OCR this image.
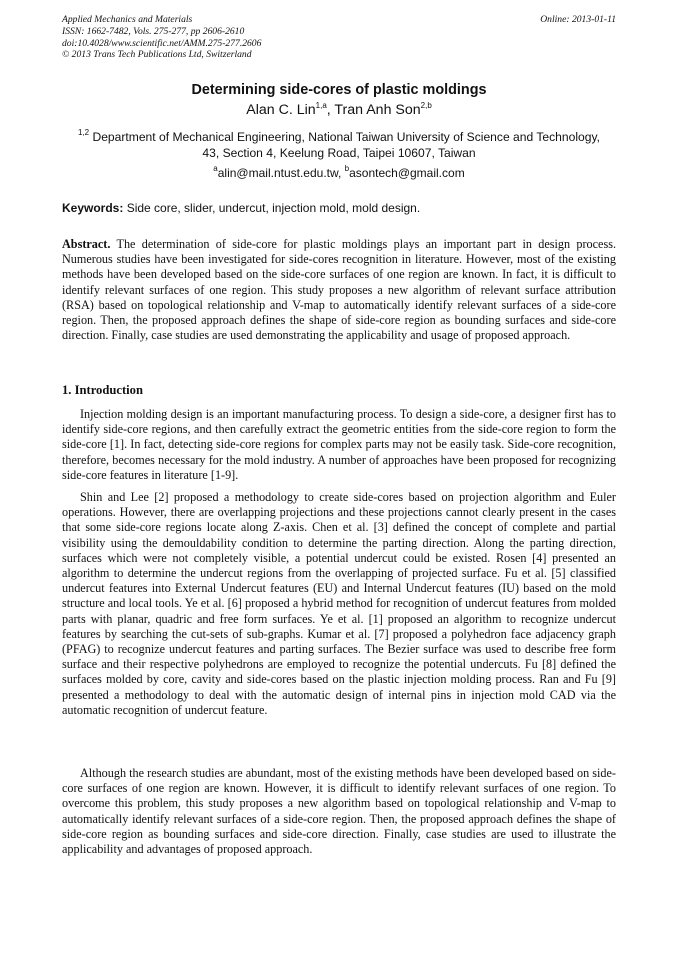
Applied Mechanics and Materials
ISSN: 1662-7482, Vols. 275-277, pp 2606-2610
doi:10.4028/www.scientific.net/AMM.275-277.2606
© 2013 Trans Tech Publications Ltd, Switzerland
Online: 2013-01-11
Determining side-cores of plastic moldings
Alan C. Lin$^{1,a}$, Tran Anh Son$^{2,b}$
$^{1,2}$ Department of Mechanical Engineering, National Taiwan University of Science and Technology,
43, Section 4, Keelung Road, Taipei 10607, Taiwan
$^a$alin@mail.ntust.edu.tw, $^b$asontech@gmail.com
Keywords: Side core, slider, undercut, injection mold, mold design.
Abstract. The determination of side-core for plastic moldings plays an important part in design process. Numerous studies have been investigated for side-cores recognition in literature. However, most of the existing methods have been developed based on the side-core surfaces of one region are known. In fact, it is difficult to identify relevant surfaces of one region. This study proposes a new algorithm of relevant surface attribution (RSA) based on topological relationship and V-map to automatically identify relevant surfaces of a side-core region. Then, the proposed approach defines the shape of side-core region as bounding surfaces and side-core direction. Finally, case studies are used demonstrating the applicability and usage of proposed approach.
1. Introduction
Injection molding design is an important manufacturing process. To design a side-core, a designer first has to identify side-core regions, and then carefully extract the geometric entities from the side-core region to form the side-core [1]. In fact, detecting side-core regions for complex parts may not be easily task. Side-core recognition, therefore, becomes necessary for the mold industry. A number of approaches have been proposed for recognizing side-core features in literature [1-9].
Shin and Lee [2] proposed a methodology to create side-cores based on projection algorithm and Euler operations. However, there are overlapping projections and these projections cannot clearly present in the cases that some side-core regions locate along Z-axis. Chen et al. [3] defined the concept of complete and partial visibility using the demouldability condition to determine the parting direction. Along the parting direction, surfaces which were not completely visible, a potential undercut could be existed. Rosen [4] presented an algorithm to determine the undercut regions from the overlapping of projected surface. Fu et al. [5] classified undercut features into External Undercut features (EU) and Internal Undercut features (IU) based on the mold structure and local tools. Ye et al. [6] proposed a hybrid method for recognition of undercut features from molded parts with planar, quadric and free form surfaces. Ye et al. [1] proposed an algorithm to recognize undercut features by searching the cut-sets of sub-graphs. Kumar et al. [7] proposed a polyhedron face adjacency graph (PFAG) to recognize undercut features and parting surfaces. The Bezier surface was used to describe free form surface and their respective polyhedrons are employed to recognize the potential undercuts. Fu [8] defined the surfaces molded by core, cavity and side-cores based on the plastic injection molding process. Ran and Fu [9] presented a methodology to deal with the automatic design of internal pins in injection mold CAD via the automatic recognition of undercut feature.
Although the research studies are abundant, most of the existing methods have been developed based on side-core surfaces of one region are known. However, it is difficult to identify relevant surfaces of one region. To overcome this problem, this study proposes a new algorithm based on topological relationship and V-map to automatically identify relevant surfaces of a side-core region. Then, the proposed approach defines the shape of side-core region as bounding surfaces and side-core direction. Finally, case studies are used to illustrate the applicability and advantages of proposed approach.
